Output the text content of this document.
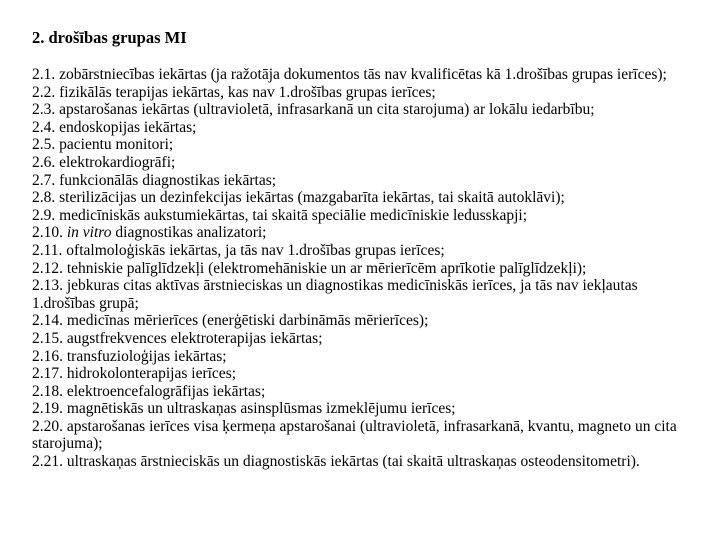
2. drošības grupas MI
2.1. zobārstniecības iekārtas (ja ražotāja dokumentos tās nav kvalificētas kā 1.drošības grupas ierīces);
2.2. fizikālās terapijas iekārtas, kas nav 1.drošības grupas ierīces;
2.3. apstarošanas iekārtas (ultravioletā, infrasarkanā un cita starojuma) ar lokālu iedarbību;
2.4. endoskopijas iekārtas;
2.5. pacientu monitori;
2.6. elektrokardiogrāfi;
2.7. funkcionālās diagnostikas iekārtas;
2.8. sterilizācijas un dezinfekcijas iekārtas (mazgabarīta iekārtas, tai skaitā autoklāvi);
2.9. medicīniskās aukstumiekārtas, tai skaitā speciālie medicīniskie ledusskapji;
2.10. in vitro diagnostikas analizatori;
2.11. oftalmoloģiskās iekārtas, ja tās nav 1.drošības grupas ierīces;
2.12. tehniskie palīglīdzekļi (elektromehāniskie un ar mērierīcēm aprīkotie palīglīdzekļi);
2.13. jebkuras citas aktīvas ārstnieciskas un diagnostikas medicīniskās ierīces, ja tās nav iekļautas 1.drošības grupā;
2.14. medicīnas mērierīces (enerģētiski darbināmās mērierīces);
2.15. augstfrekvences elektroterapijas iekārtas;
2.16. transfuzioloģijas iekārtas;
2.17. hidrokolonterapijas ierīces;
2.18. elektroencefalogrāfijas iekārtas;
2.19. magnētiskās un ultraskaņas asinsplūsmas izmeklējumu ierīces;
2.20. apstarošanas ierīces visa ķermeņa apstarošanai (ultravioletā, infrasarkanā, kvantu, magneto un cita starojuma);
2.21. ultraskaņas ārstnieciskās un diagnostiskās iekārtas (tai skaitā ultraskaņas osteodensitometri).
